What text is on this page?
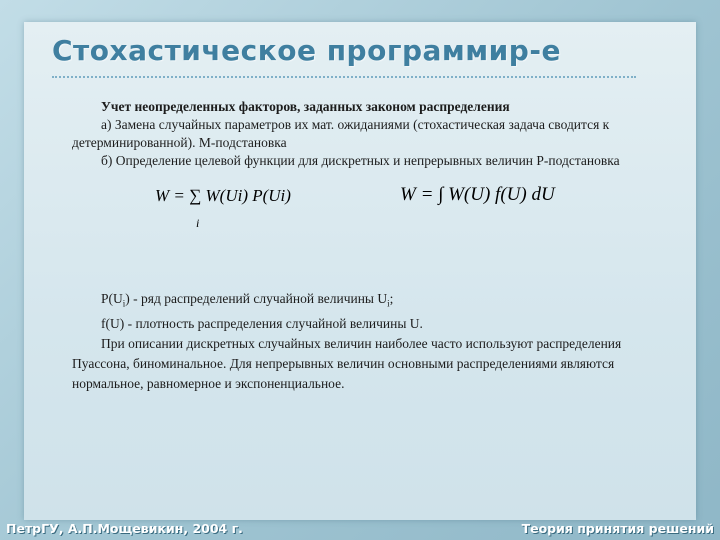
Стохастическое программир-е

Учет неопределенных факторов, заданных законом распределения

а) Замена случайных параметров их мат. ожиданиями (стохастическая задача сводится к детерминированной). М-подстановка

б) Определение целевой функции для дискретных и непрерывных величин Р-подстановка

W = ∑ W(Ui) P(Ui)
i
W = ∫ W(U) f(U) dU

$P(U_i)$ - ряд распределений случайной величины $U_i$;

f(U) - плотность распределения случайной величины U.

При описании дискретных случайных величин наиболее часто используют распределения Пуассона, биноминальное. Для непрерывных величин основными распределениями являются нормальное, равномерное и экспоненциальное.

ПетрГУ, А.П.Мощевикин, 2004 г.	Теория принятия решений
